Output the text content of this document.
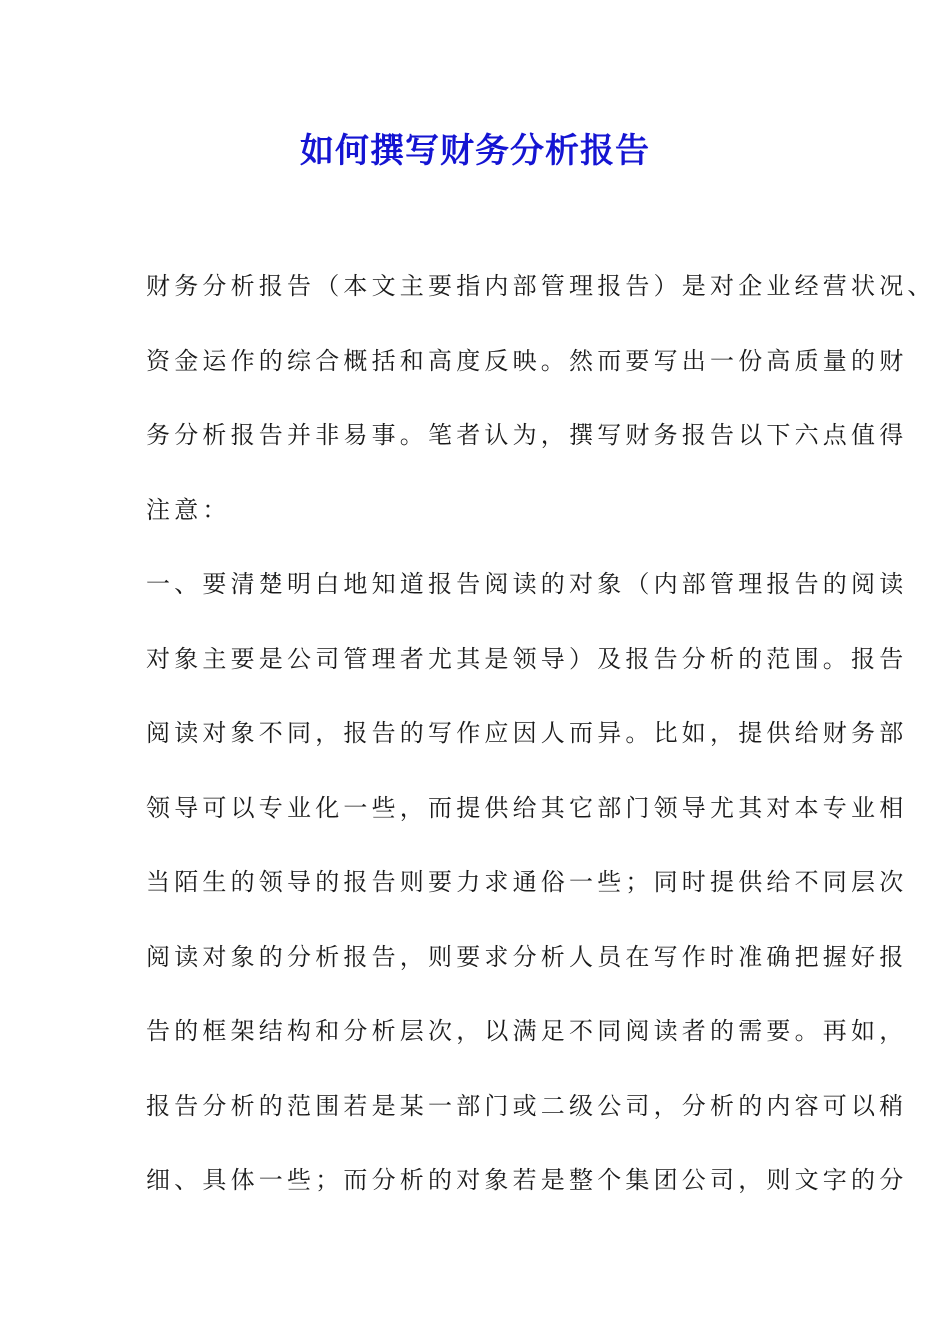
如何撰写财务分析报告

财务分析报告（本文主要指内部管理报告）是对企业经营状况、

资金运作的综合概括和高度反映。然而要写出一份高质量的财

务分析报告并非易事。笔者认为，撰写财务报告以下六点值得

注意：

一、要清楚明白地知道报告阅读的对象（内部管理报告的阅读

对象主要是公司管理者尤其是领导）及报告分析的范围。报告

阅读对象不同，报告的写作应因人而异。比如，提供给财务部

领导可以专业化一些，而提供给其它部门领导尤其对本专业相

当陌生的领导的报告则要力求通俗一些；同时提供给不同层次

阅读对象的分析报告，则要求分析人员在写作时准确把握好报

告的框架结构和分析层次，以满足不同阅读者的需要。再如，

报告分析的范围若是某一部门或二级公司，分析的内容可以稍

细、具体一些；而分析的对象若是整个集团公司，则文字的分
